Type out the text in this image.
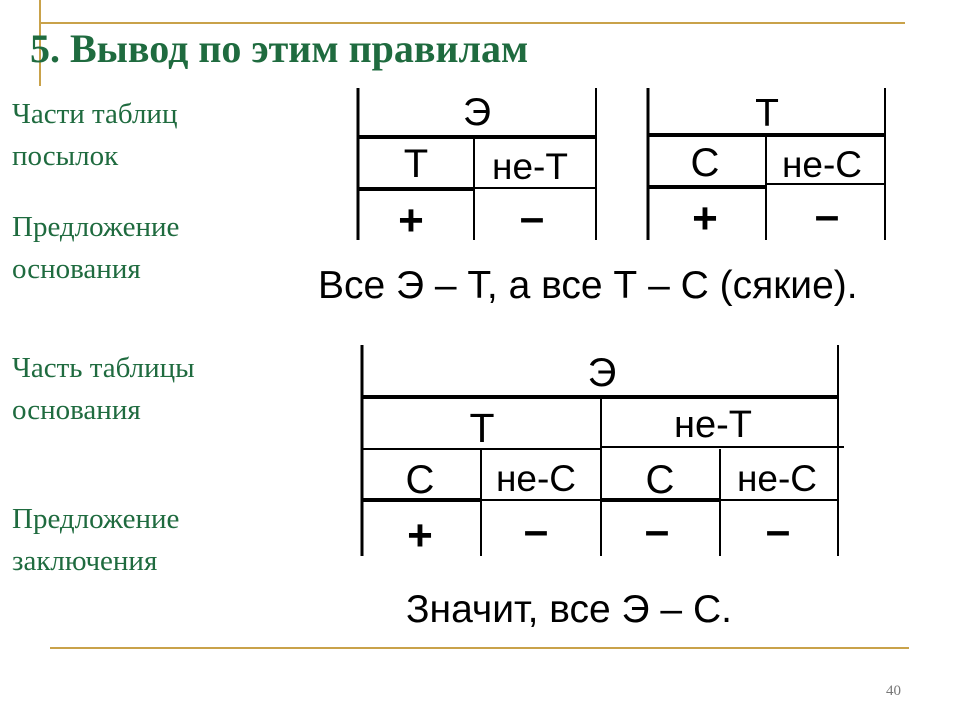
5. Вывод по этим правилам
Части таблиц
посылок
Предложение
основания
Часть таблицы
основания
Предложение
заключения
Э
Т не-Т
+ –
Т
С не-С
+ –
Все Э – Т, а все Т – С (сякие).
Э
Т	не-Т
С не-С С не-С
+ – – –
Значит, все Э – С.
40
